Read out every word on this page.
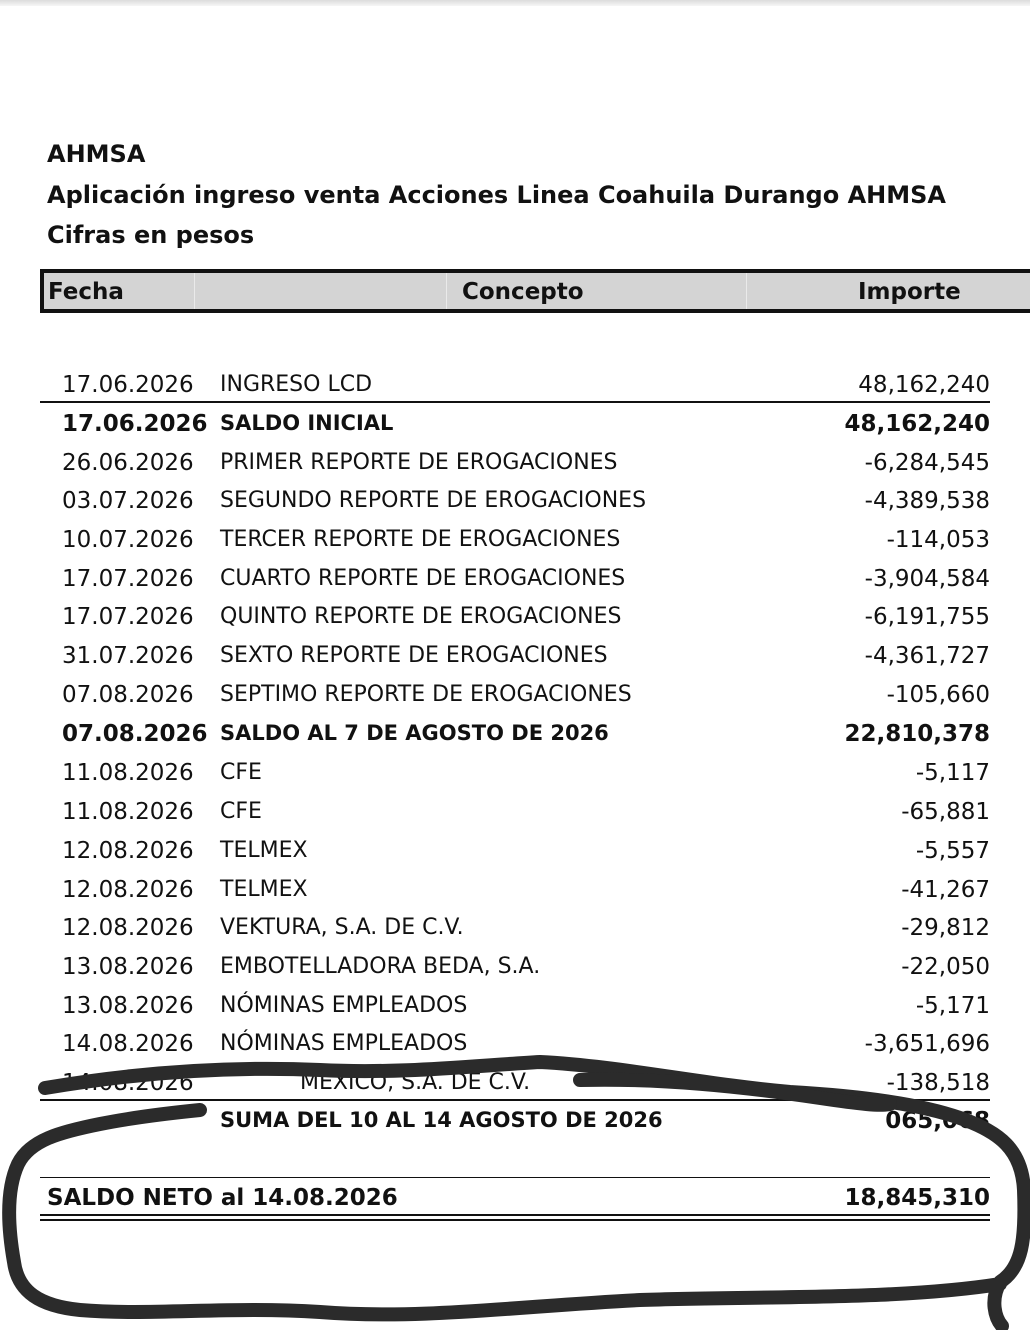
AHMSA
Aplicación ingreso venta Acciones Linea Coahuila Durango AHMSA
Cifras en pesos
Fecha	Concepto	Importe
17.06.2026 INGRESO LCD	48,162,240
17.06.2026 SALDO INICIAL	48,162,240
26.06.2026 PRIMER REPORTE DE EROGACIONES	-6,284,545
03.07.2026 SEGUNDO REPORTE DE EROGACIONES	-4,389,538
10.07.2026 TERCER REPORTE DE EROGACIONES	-114,053
17.07.2026 CUARTO REPORTE DE EROGACIONES	-3,904,584
17.07.2026 QUINTO REPORTE DE EROGACIONES	-6,191,755
31.07.2026 SEXTO REPORTE DE EROGACIONES	-4,361,727
07.08.2026 SEPTIMO REPORTE DE EROGACIONES	-105,660
07.08.2026 SALDO AL 7 DE AGOSTO DE 2026	22,810,378
11.08.2026 CFE	-5,117
11.08.2026 CFE	-65,881
12.08.2026 TELMEX	-5,557
12.08.2026 TELMEX	-41,267
12.08.2026 VEKTURA, S.A. DE C.V.	-29,812
13.08.2026 EMBOTELLADORA BEDA, S.A.	-22,050
13.08.2026 NÓMINAS EMPLEADOS	-5,171
14.08.2026 NÓMINAS EMPLEADOS	-3,651,696
14.08.2026	MEXICO, S.A. DE C.V.	-138,518
SUMA DEL 10 AL 14 AGOSTO DE 2026	065,068
SALDO NETO al 14.08.2026	18,845,310
